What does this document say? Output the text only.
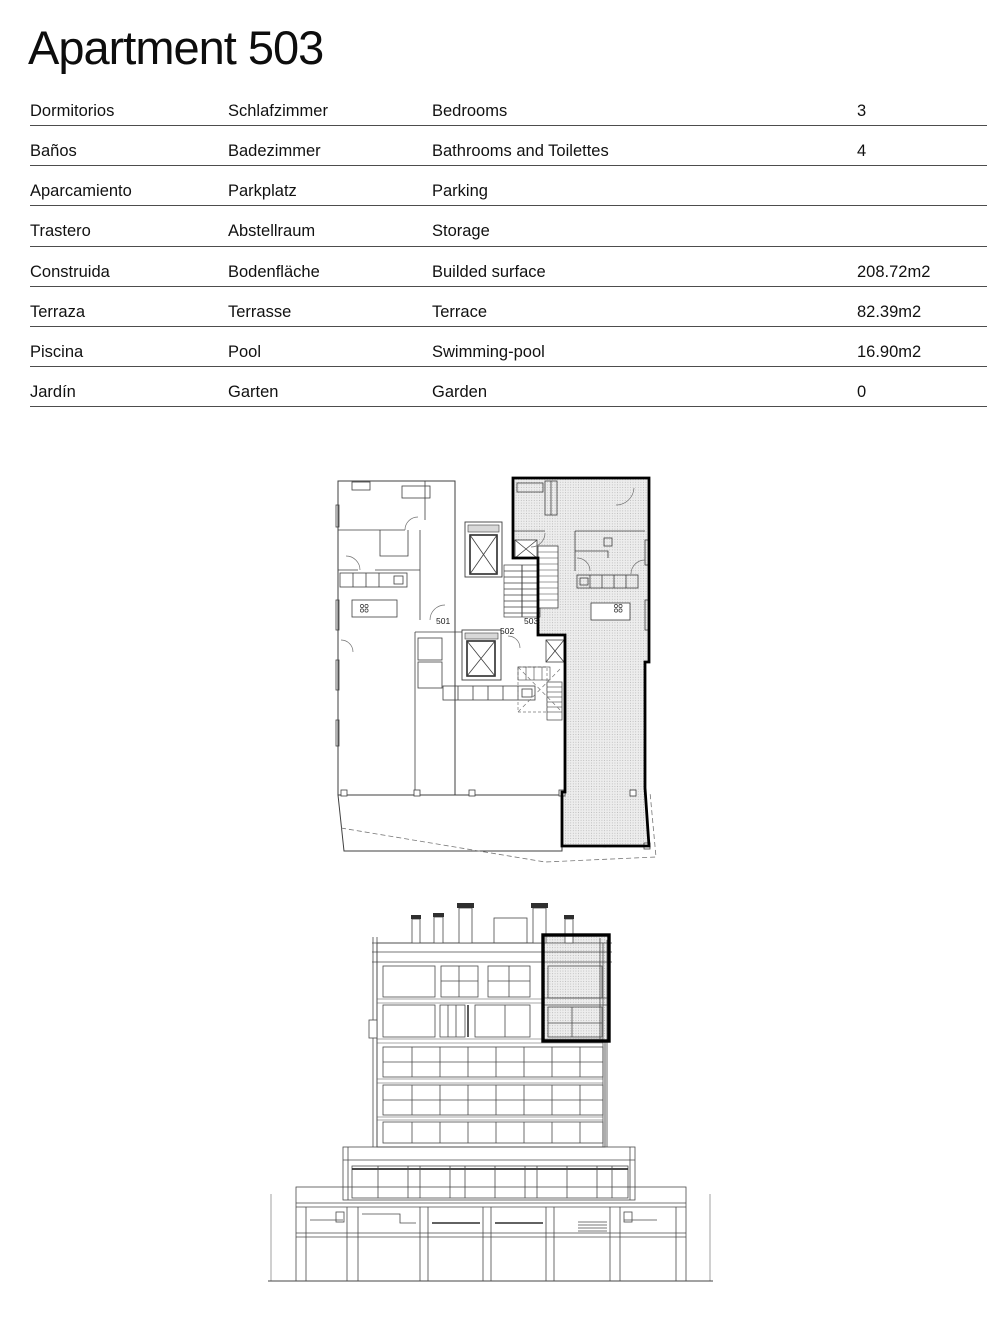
Apartment 503
Dormitorios	Schlafzimmer	Bedrooms	3
Baños	Badezimmer	Bathrooms and Toilettes	4
Aparcamiento	Parkplatz	Parking
Trastero	Abstellraum	Storage
Construida	Bodenfläche	Builded surface	208.72m2
Terraza	Terrasse	Terrace	82.39m2
Piscina	Pool	Swimming-pool	16.90m2
Jardín	Garten	Garden	0
501
502
503
